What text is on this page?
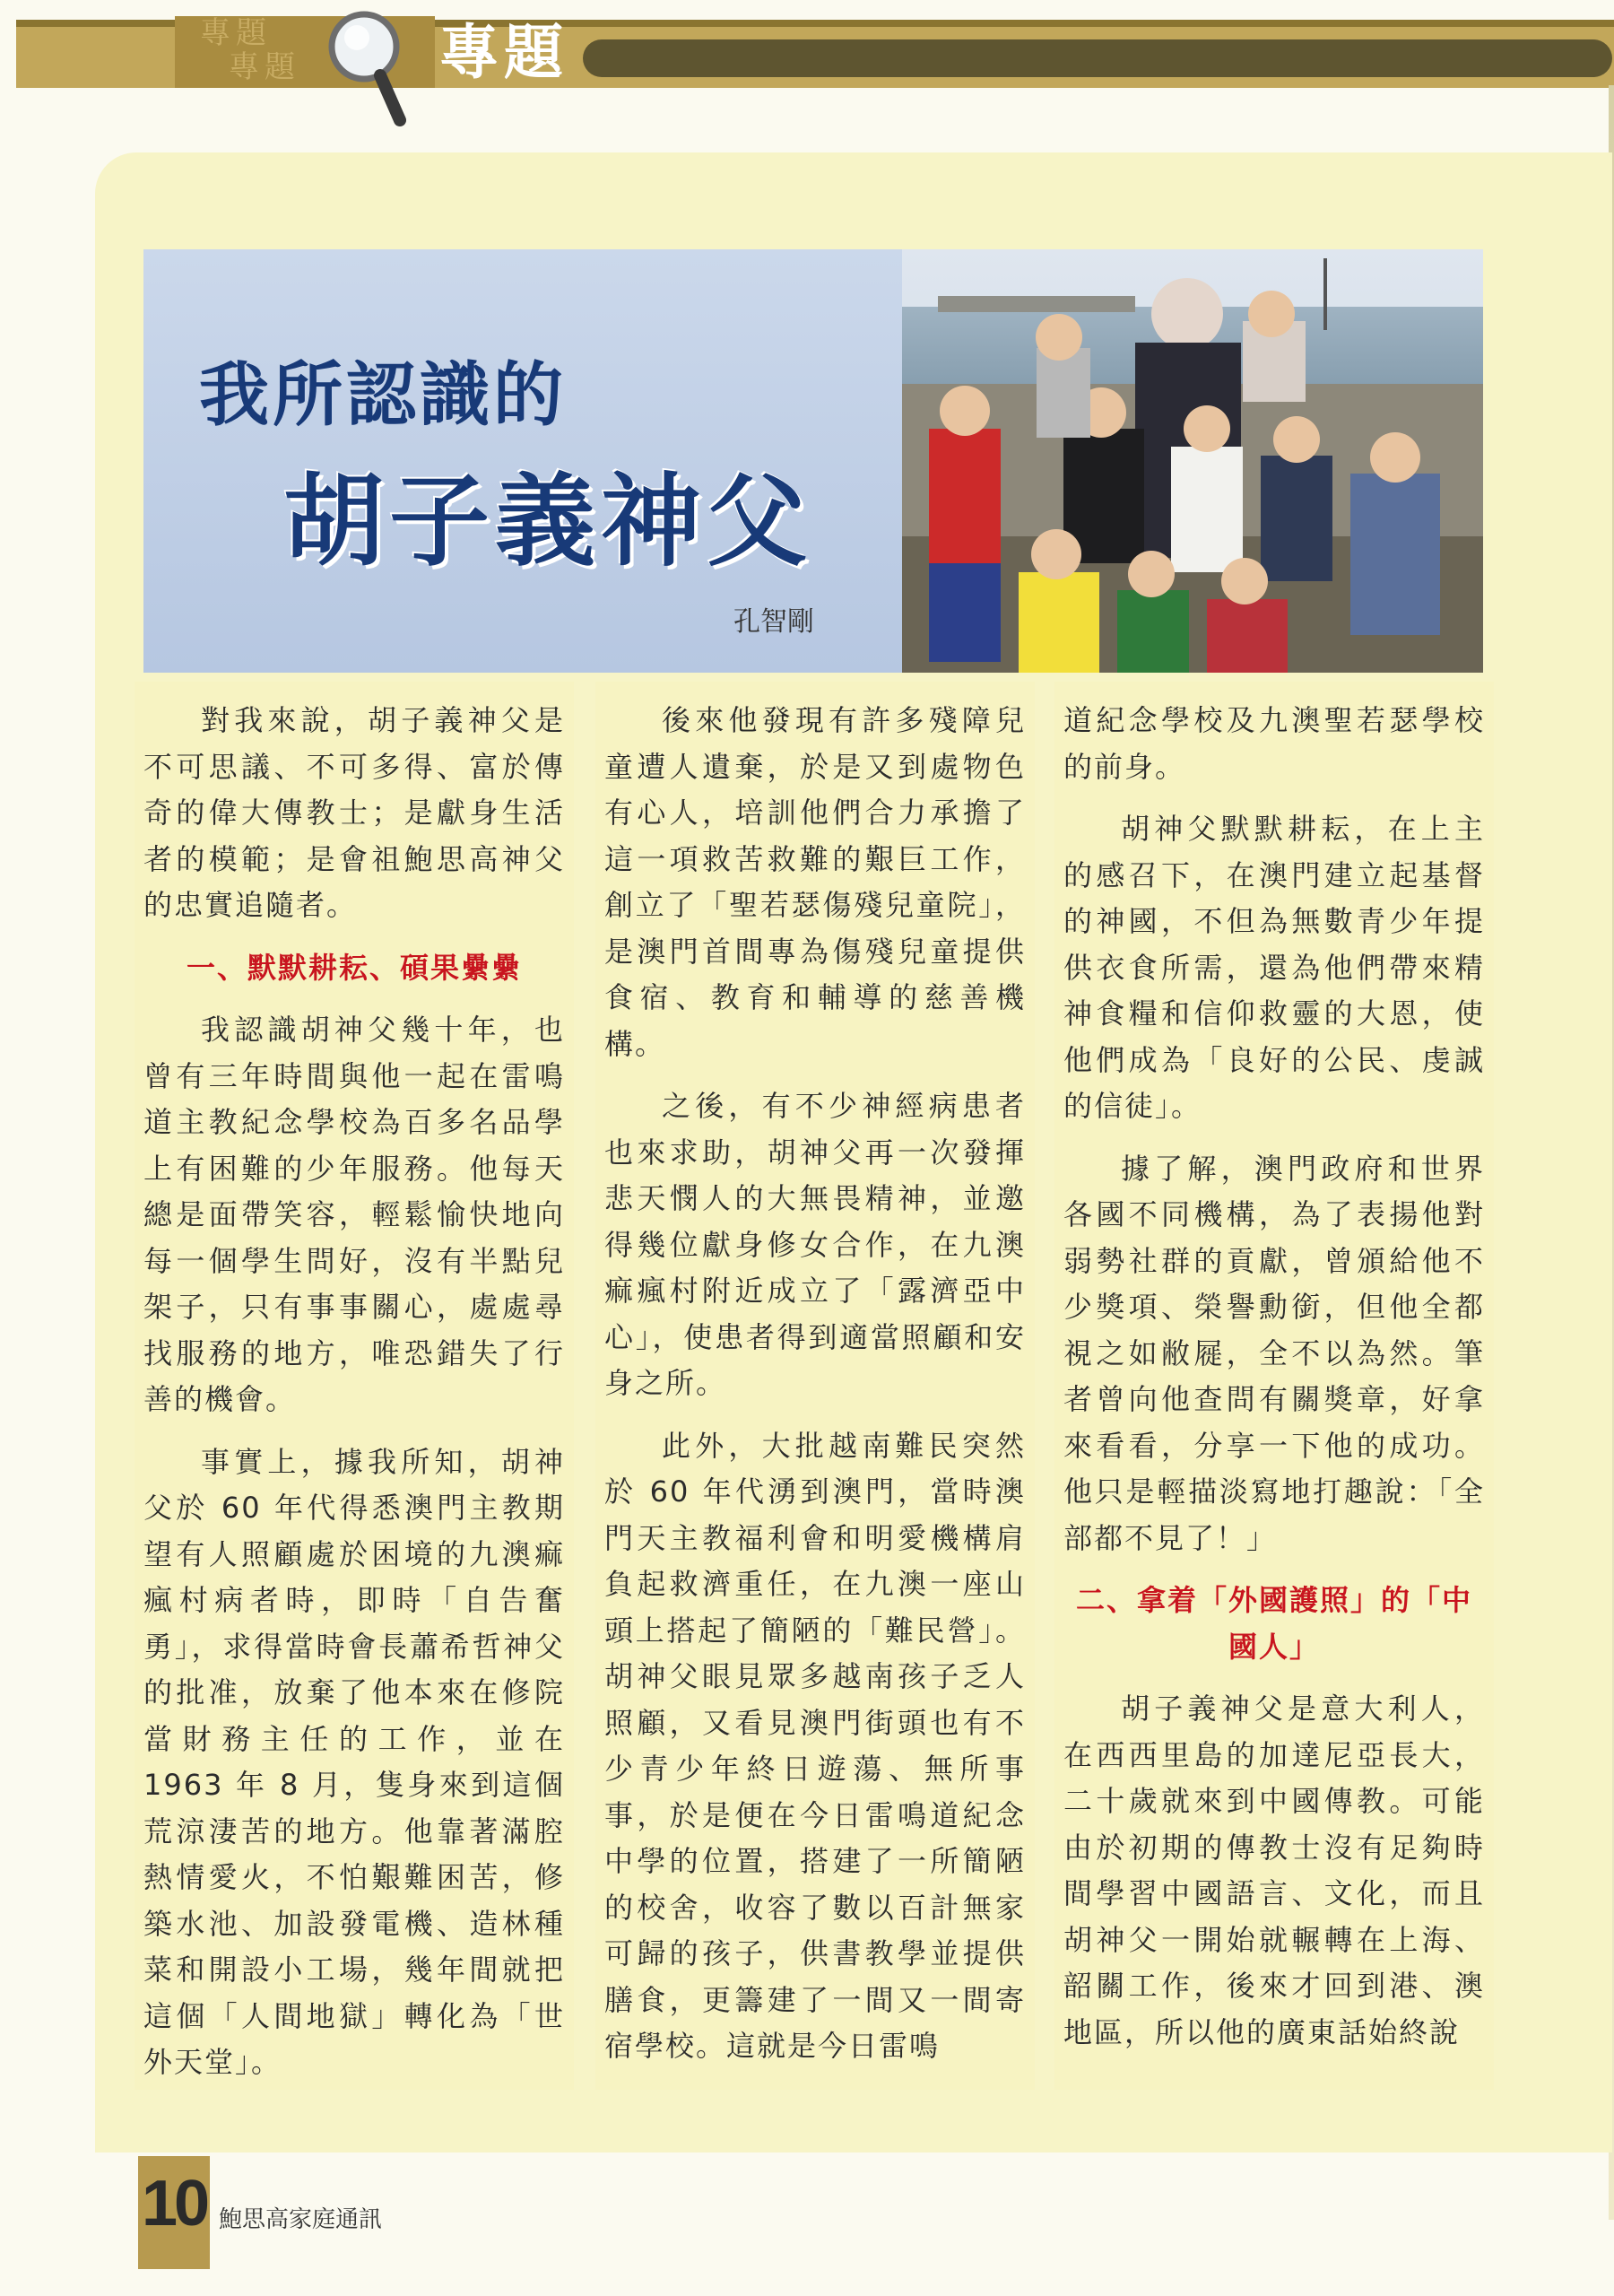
專題
專題	專題
我所認識的
胡子義神父
孔智剛

對我來說，胡子義神父是不可思議、不可多得、富於傳奇的偉大傳教士；是獻身生活者的模範；是會祖鮑思高神父的忠實追隨者。

一、默默耕耘、碩果纍纍

我認識胡神父幾十年，也曾有三年時間與他一起在雷鳴道主教紀念學校為百多名品學上有困難的少年服務。他每天總是面帶笑容，輕鬆愉快地向每一個學生問好，沒有半點兒架子，只有事事關心，處處尋找服務的地方，唯恐錯失了行善的機會。

事實上，據我所知，胡神父於 60 年代得悉澳門主教期望有人照顧處於困境的九澳痲瘋村病者時，即時「自告奮勇」，求得當時會長蕭希哲神父的批准，放棄了他本來在修院當財務主任的工作，並在 1963 年 8 月，隻身來到這個荒涼淒苦的地方。他靠著滿腔熱情愛火，不怕艱難困苦，修築水池、加設發電機、造林種菜和開設小工場，幾年間就把這個「人間地獄」轉化為「世外天堂」。

後來他發現有許多殘障兒童遭人遺棄，於是又到處物色有心人，培訓他們合力承擔了這一項救苦救難的艱巨工作，創立了「聖若瑟傷殘兒童院」，是澳門首間專為傷殘兒童提供食宿、教育和輔導的慈善機構。

之後，有不少神經病患者也來求助，胡神父再一次發揮悲天憫人的大無畏精神，並邀得幾位獻身修女合作，在九澳痲瘋村附近成立了「露濟亞中心」，使患者得到適當照顧和安身之所。

此外，大批越南難民突然於 60 年代湧到澳門，當時澳門天主教福利會和明愛機構肩負起救濟重任，在九澳一座山頭上搭起了簡陋的「難民營」。胡神父眼見眾多越南孩子乏人照顧，又看見澳門街頭也有不少青少年終日遊蕩、無所事事，於是便在今日雷鳴道紀念中學的位置，搭建了一所簡陋的校舍，收容了數以百計無家可歸的孩子，供書教學並提供膳食，更籌建了一間又一間寄宿學校。這就是今日雷鳴

道紀念學校及九澳聖若瑟學校的前身。

胡神父默默耕耘，在上主的感召下，在澳門建立起基督的神國，不但為無數青少年提供衣食所需，還為他們帶來精神食糧和信仰救靈的大恩，使他們成為「良好的公民、虔誠的信徒」。

據了解，澳門政府和世界各國不同機構，為了表揚他對弱勢社群的貢獻，曾頒給他不少獎項、榮譽勳銜，但他全都視之如敝屣，全不以為然。筆者曾向他查問有關獎章，好拿來看看，分享一下他的成功。他只是輕描淡寫地打趣說：「全部都不見了！」

二、拿着「外國護照」的「中國人」

胡子義神父是意大利人，在西西里島的加達尼亞長大，二十歲就來到中國傳教。可能由於初期的傳教士沒有足夠時間學習中國語言、文化，而且胡神父一開始就輾轉在上海、韶關工作，後來才回到港、澳地區，所以他的廣東話始終說

10 鮑思高家庭通訊
